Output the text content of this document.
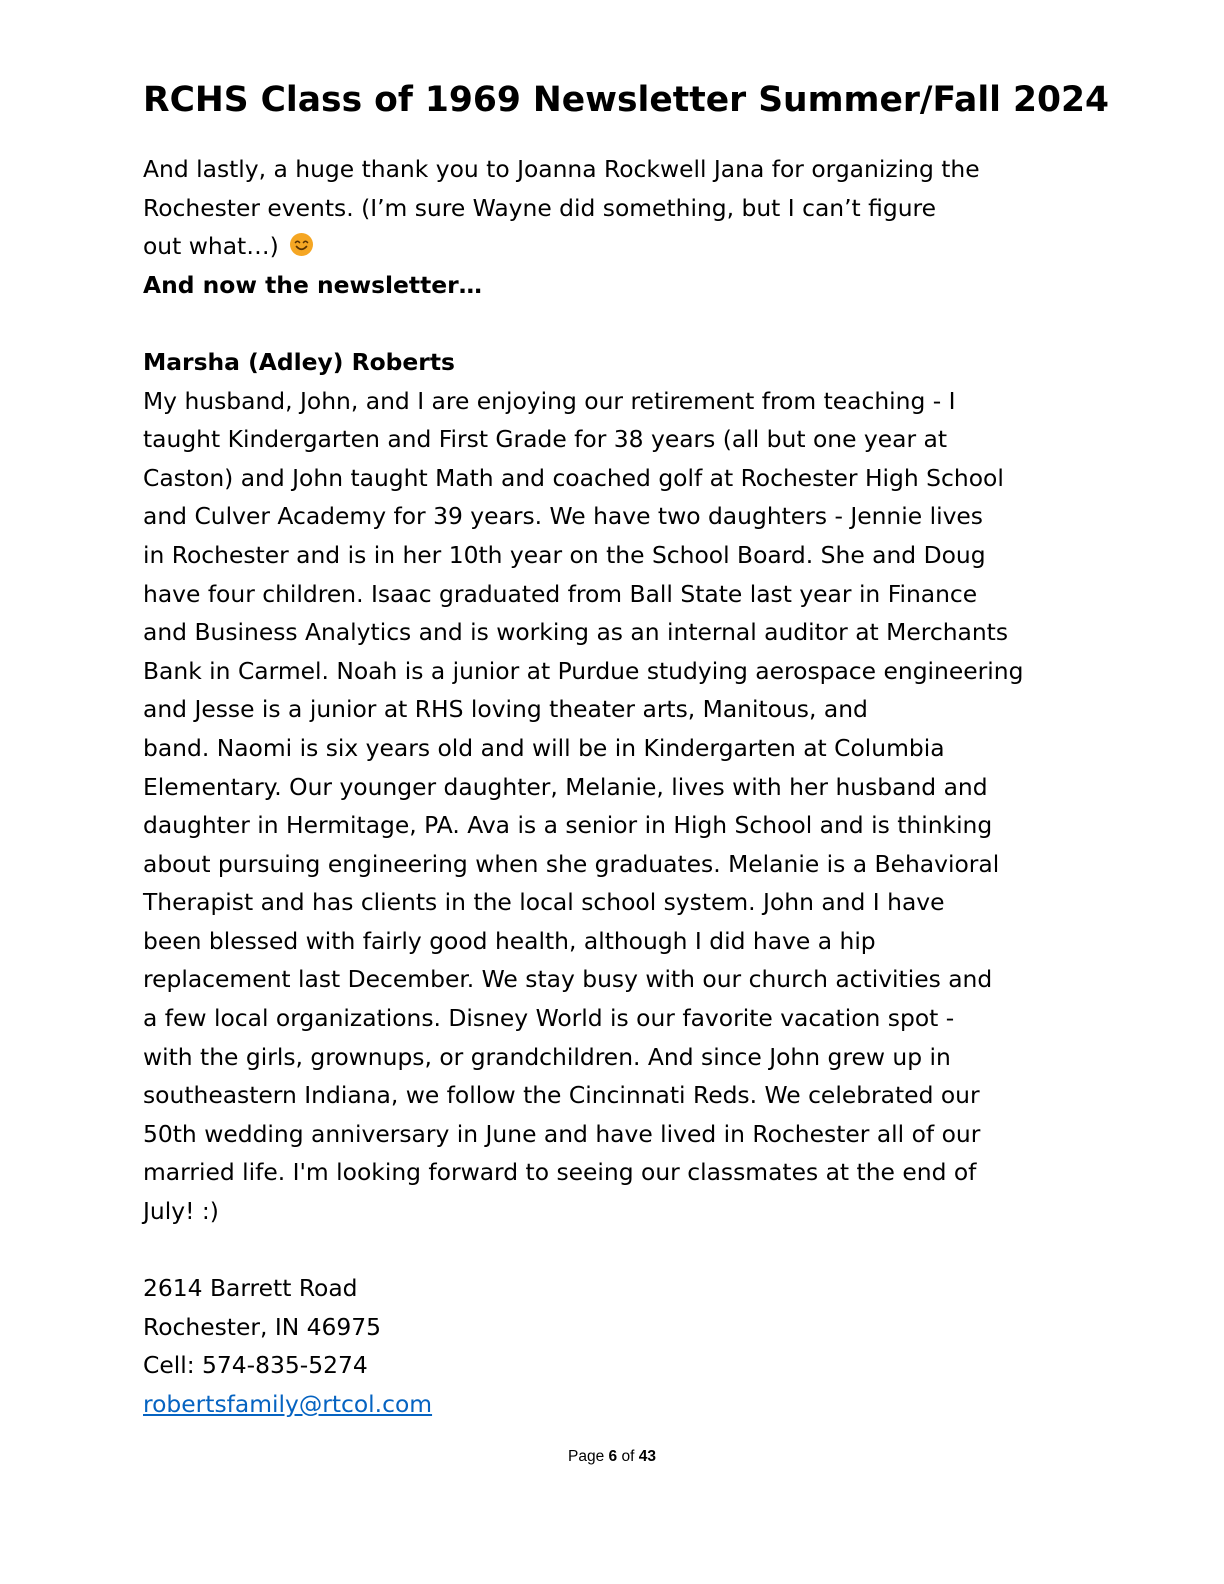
RCHS Class of 1969 Newsletter Summer/Fall 2024
And lastly, a huge thank you to Joanna Rockwell Jana for organizing the
Rochester events. (I’m sure Wayne did something, but I can’t figure
out what…)
And now the newsletter…
Marsha (Adley) Roberts
My husband, John, and I are enjoying our retirement from teaching - I
taught Kindergarten and First Grade for 38 years (all but one year at
Caston) and John taught Math and coached golf at Rochester High School
and Culver Academy for 39 years. We have two daughters - Jennie lives
in Rochester and is in her 10th year on the School Board. She and Doug
have four children. Isaac graduated from Ball State last year in Finance
and Business Analytics and is working as an internal auditor at Merchants
Bank in Carmel. Noah is a junior at Purdue studying aerospace engineering
and Jesse is a junior at RHS loving theater arts, Manitous, and
band. Naomi is six years old and will be in Kindergarten at Columbia
Elementary. Our younger daughter, Melanie, lives with her husband and
daughter in Hermitage, PA. Ava is a senior in High School and is thinking
about pursuing engineering when she graduates. Melanie is a Behavioral
Therapist and has clients in the local school system. John and I have
been blessed with fairly good health, although I did have a hip
replacement last December. We stay busy with our church activities and
a few local organizations. Disney World is our favorite vacation spot -
with the girls, grownups, or grandchildren. And since John grew up in
southeastern Indiana, we follow the Cincinnati Reds. We celebrated our
50th wedding anniversary in June and have lived in Rochester all of our
married life. I'm looking forward to seeing our classmates at the end of
July! :)
2614 Barrett Road
Rochester, IN 46975
Cell: 574-835-5274
robertsfamily@rtcol.com
Page 6 of 43
